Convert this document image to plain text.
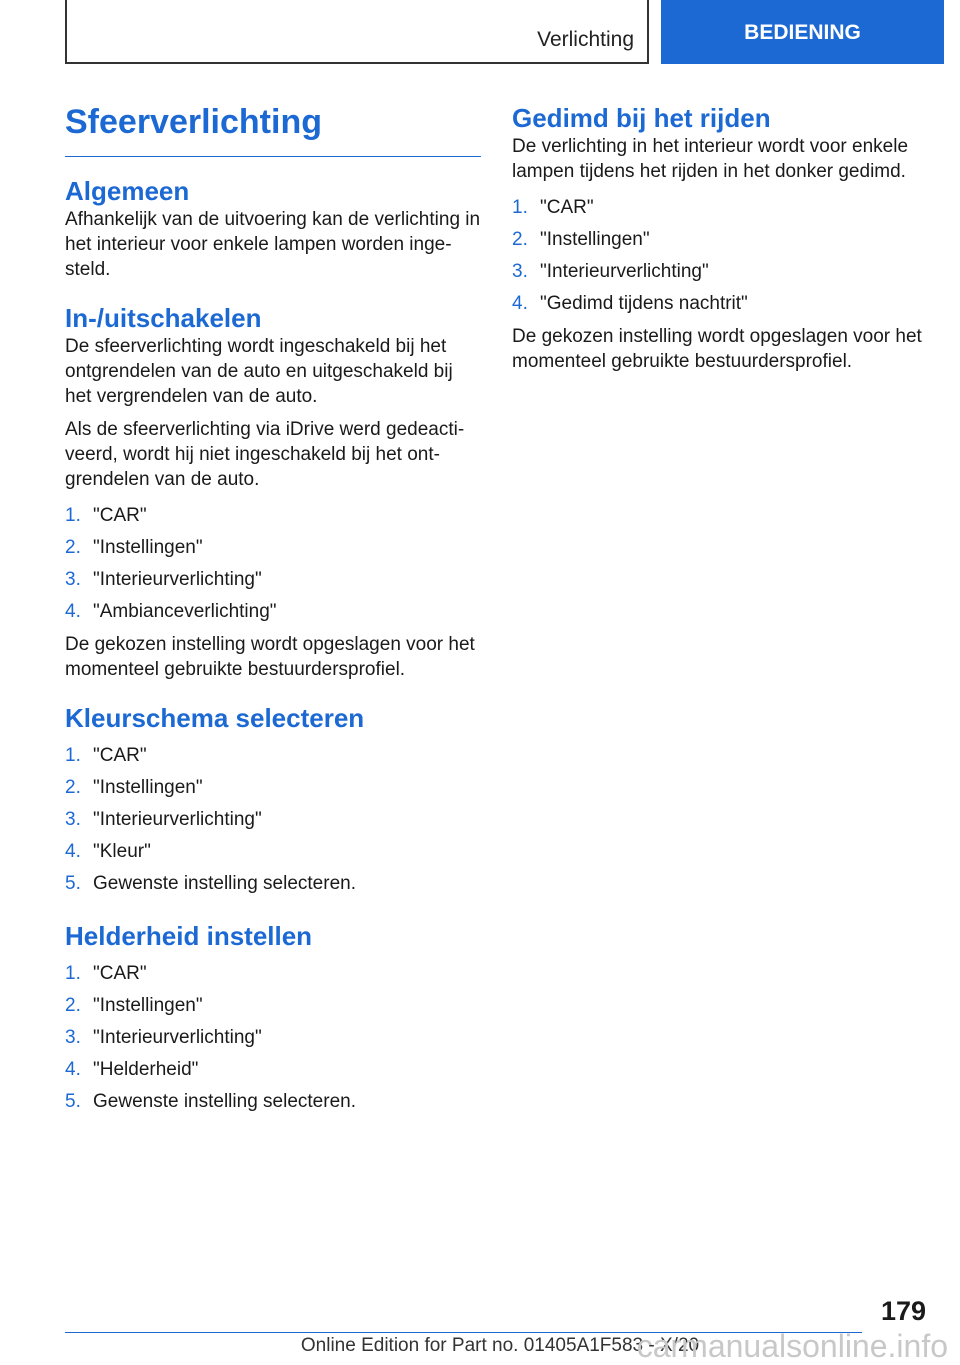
Verlichting	BEDIENING
Sfeerverlichting
Algemeen

Afhankelijk van de uitvoering kan de verlichting in het interieur voor enkele lampen worden inge‐ steld.

In-/uitschakelen

De sfeerverlichting wordt ingeschakeld bij het ontgrendelen van de auto en uitgeschakeld bij het vergrendelen van de auto.

Als de sfeerverlichting via iDrive werd gedeacti‐ veerd, wordt hij niet ingeschakeld bij het ont‐ grendelen van de auto.

1. "CAR"
2. "Instellingen"
3. "Interieurverlichting"
4. "Ambianceverlichting"

De gekozen instelling wordt opgeslagen voor het momenteel gebruikte bestuurdersprofiel.

Kleurschema selecteren
1. "CAR"
2. "Instellingen"
3. "Interieurverlichting"
4. "Kleur"
5. Gewenste instelling selecteren.
Helderheid instellen
1. "CAR"
2. "Instellingen"
3. "Interieurverlichting"
4. "Helderheid"
5. Gewenste instelling selecteren.
Gedimd bij het rijden

De verlichting in het interieur wordt voor enkele lampen tijdens het rijden in het donker gedimd.

1. "CAR"
2. "Instellingen"
3. "Interieurverlichting"
4. "Gedimd tijdens nachtrit"

De gekozen instelling wordt opgeslagen voor het momenteel gebruikte bestuurdersprofiel.

179
Online Edition for Part no. 01405A1F583 - X/20
carmanualsonline.info
